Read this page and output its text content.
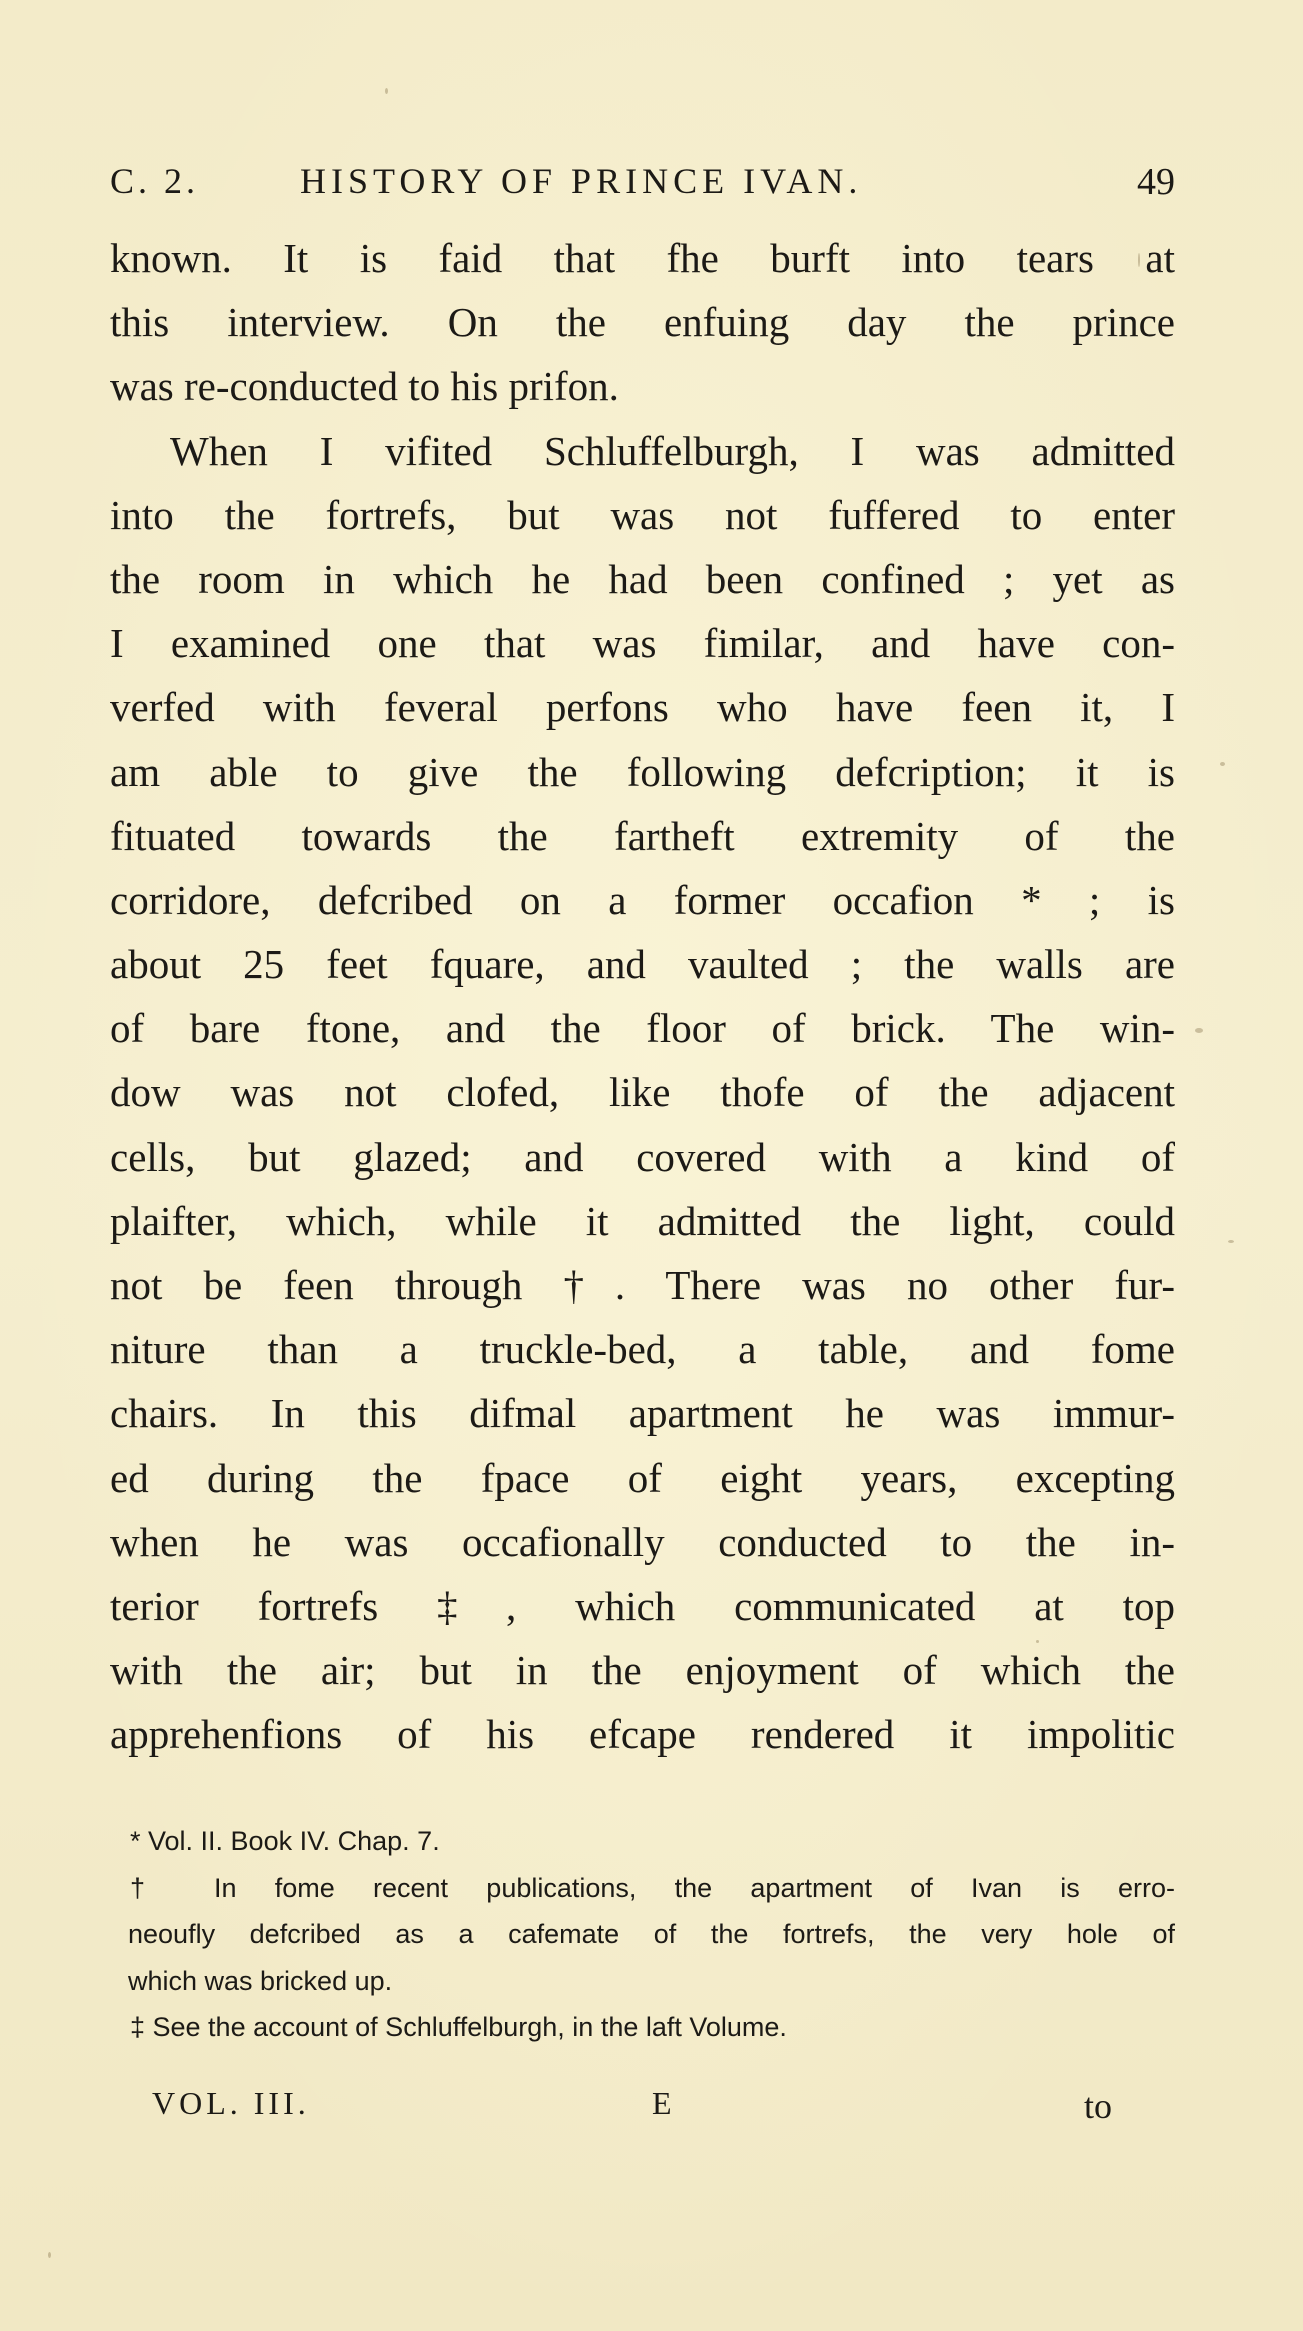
C. 2.	HISTORY OF PRINCE IVAN.	49
known. It is faid that fhe burft into tears at
this interview. On the enfuing day the prince
was re-conducted to his prifon.
When I vifited Schluffelburgh, I was admitted
into the fortrefs, but was not fuffered to enter
the room in which he had been confined ; yet as
I examined one that was fimilar, and have con-
verfed with feveral perfons who have feen it, I
am able to give the following defcription; it is
fituated towards the fartheft extremity of the
corridore, defcribed on a former occafion * ; is
about 25 feet fquare, and vaulted ; the walls are
of bare ftone, and the floor of brick. The win-
dow was not clofed, like thofe of the adjacent
cells, but glazed; and covered with a kind of
plaifter, which, while it admitted the light, could
not be feen through †. There was no other fur-
niture than a truckle-bed, a table, and fome
chairs. In this difmal apartment he was immur-
ed during the fpace of eight years, excepting
when he was occafionally conducted to the in-
terior fortrefs ‡, which communicated at top
with the air; but in the enjoyment of which the
apprehenfions of his efcape rendered it impolitic
* Vol. II. Book IV. Chap. 7.
† In fome recent publications, the apartment of Ivan is erro-
neoufly defcribed as a cafemate of the fortrefs, the very hole of
which was bricked up.
‡ See the account of Schluffelburgh, in the laft Volume.
VOL. III.	E	to
